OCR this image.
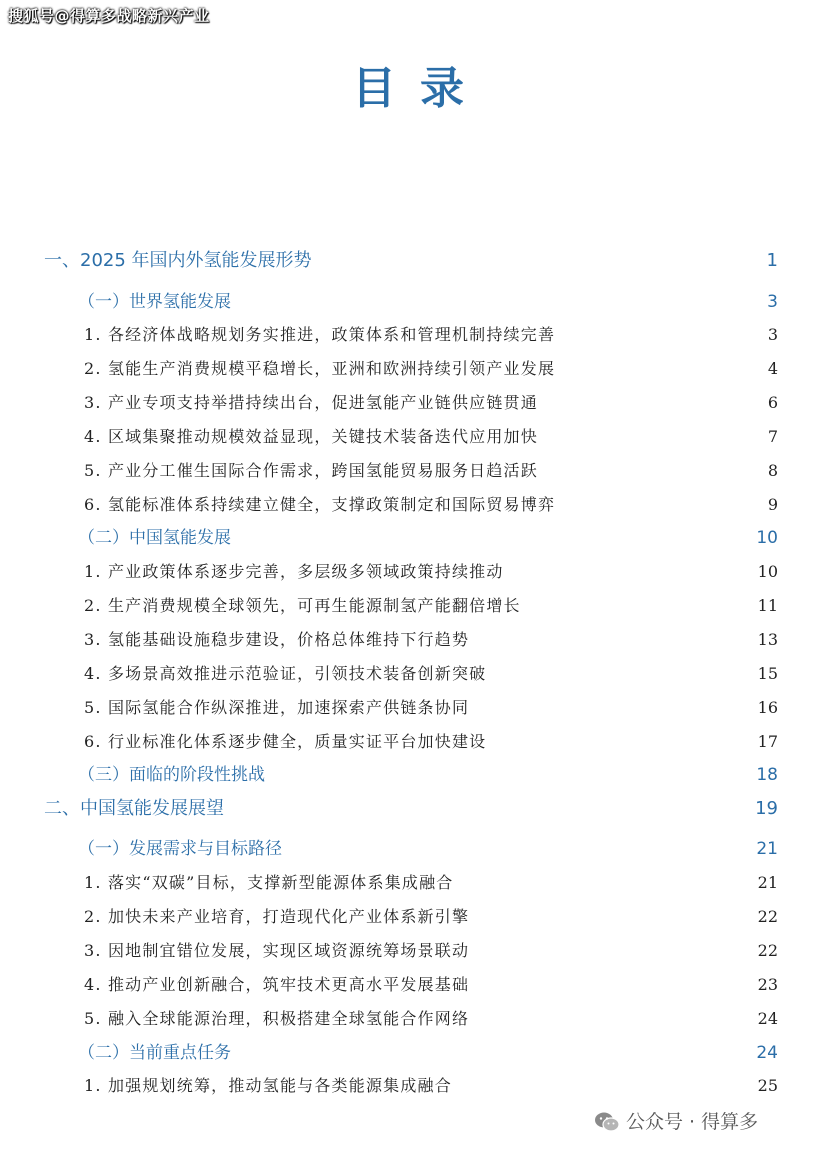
搜狐号@得算多战略新兴产业
目录
一、2025 年国内外氢能发展形势	1
（一）世界氢能发展	3
1. 各经济体战略规划务实推进，政策体系和管理机制持续完善	3
2. 氢能生产消费规模平稳增长，亚洲和欧洲持续引领产业发展	4
3. 产业专项支持举措持续出台，促进氢能产业链供应链贯通	6
4. 区域集聚推动规模效益显现，关键技术装备迭代应用加快	7
5. 产业分工催生国际合作需求，跨国氢能贸易服务日趋活跃	8
6. 氢能标准体系持续建立健全，支撑政策制定和国际贸易博弈	9
（二）中国氢能发展	10
1. 产业政策体系逐步完善，多层级多领域政策持续推动	10
2. 生产消费规模全球领先，可再生能源制氢产能翻倍增长	11
3. 氢能基础设施稳步建设，价格总体维持下行趋势	13
4. 多场景高效推进示范验证，引领技术装备创新突破	15
5. 国际氢能合作纵深推进，加速探索产供链条协同	16
6. 行业标准化体系逐步健全，质量实证平台加快建设	17
（三）面临的阶段性挑战	18
二、中国氢能发展展望	19
（一）发展需求与目标路径	21
1. 落实“双碳”目标，支撑新型能源体系集成融合	21
2. 加快未来产业培育，打造现代化产业体系新引擎	22
3. 因地制宜错位发展，实现区域资源统筹场景联动	22
4. 推动产业创新融合，筑牢技术更高水平发展基础	23
5. 融入全球能源治理，积极搭建全球氢能合作网络	24
（二）当前重点任务	24
1. 加强规划统筹，推动氢能与各类能源集成融合	25
公众号 · 得算多
